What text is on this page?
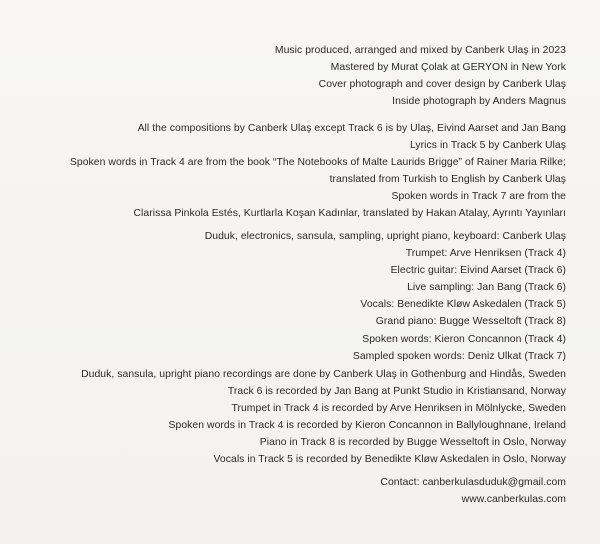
Music produced, arranged and mixed by Canberk Ulaş in 2023
Mastered by Murat Çolak at GERYON in New York
Cover photograph and cover design by Canberk Ulaş
Inside photograph by Anders Magnus
All the compositions by Canberk Ulaş except Track 6 is by Ulaş, Eivind Aarset and Jan Bang
Lyrics in Track 5 by Canberk Ulaş
Spoken words in Track 4 are from the book “The Notebooks of Malte Laurids Brigge” of Rainer Maria Rilke;
translated from Turkish to English by Canberk Ulaş
Spoken words in Track 7 are from the
Clarissa Pinkola Estés, Kurtlarla Koşan Kadınlar, translated by Hakan Atalay, Ayrıntı Yayınları
Duduk, electronics, sansula, sampling, upright piano, keyboard: Canberk Ulaş
Trumpet: Arve Henriksen (Track 4)
Electric guitar: Eivind Aarset (Track 6)
Live sampling: Jan Bang (Track 6)
Vocals: Benedikte Kløw Askedalen (Track 5)
Grand piano: Bugge Wesseltoft (Track 8)
Spoken words: Kieron Concannon (Track 4)
Sampled spoken words: Deniz Ulkat (Track 7)
Duduk, sansula, upright piano recordings are done by Canberk Ulaş in Gothenburg and Hindås, Sweden
Track 6 is recorded by Jan Bang at Punkt Studio in Kristiansand, Norway
Trumpet in Track 4 is recorded by Arve Henriksen in Mölnlycke, Sweden
Spoken words in Track 4 is recorded by Kieron Concannon in Ballyloughnane, Ireland
Piano in Track 8 is recorded by Bugge Wesseltoft in Oslo, Norway
Vocals in Track 5 is recorded by Benedikte Kløw Askedalen in Oslo, Norway
Contact: canberkulasduduk@gmail.com
www.canberkulas.com
